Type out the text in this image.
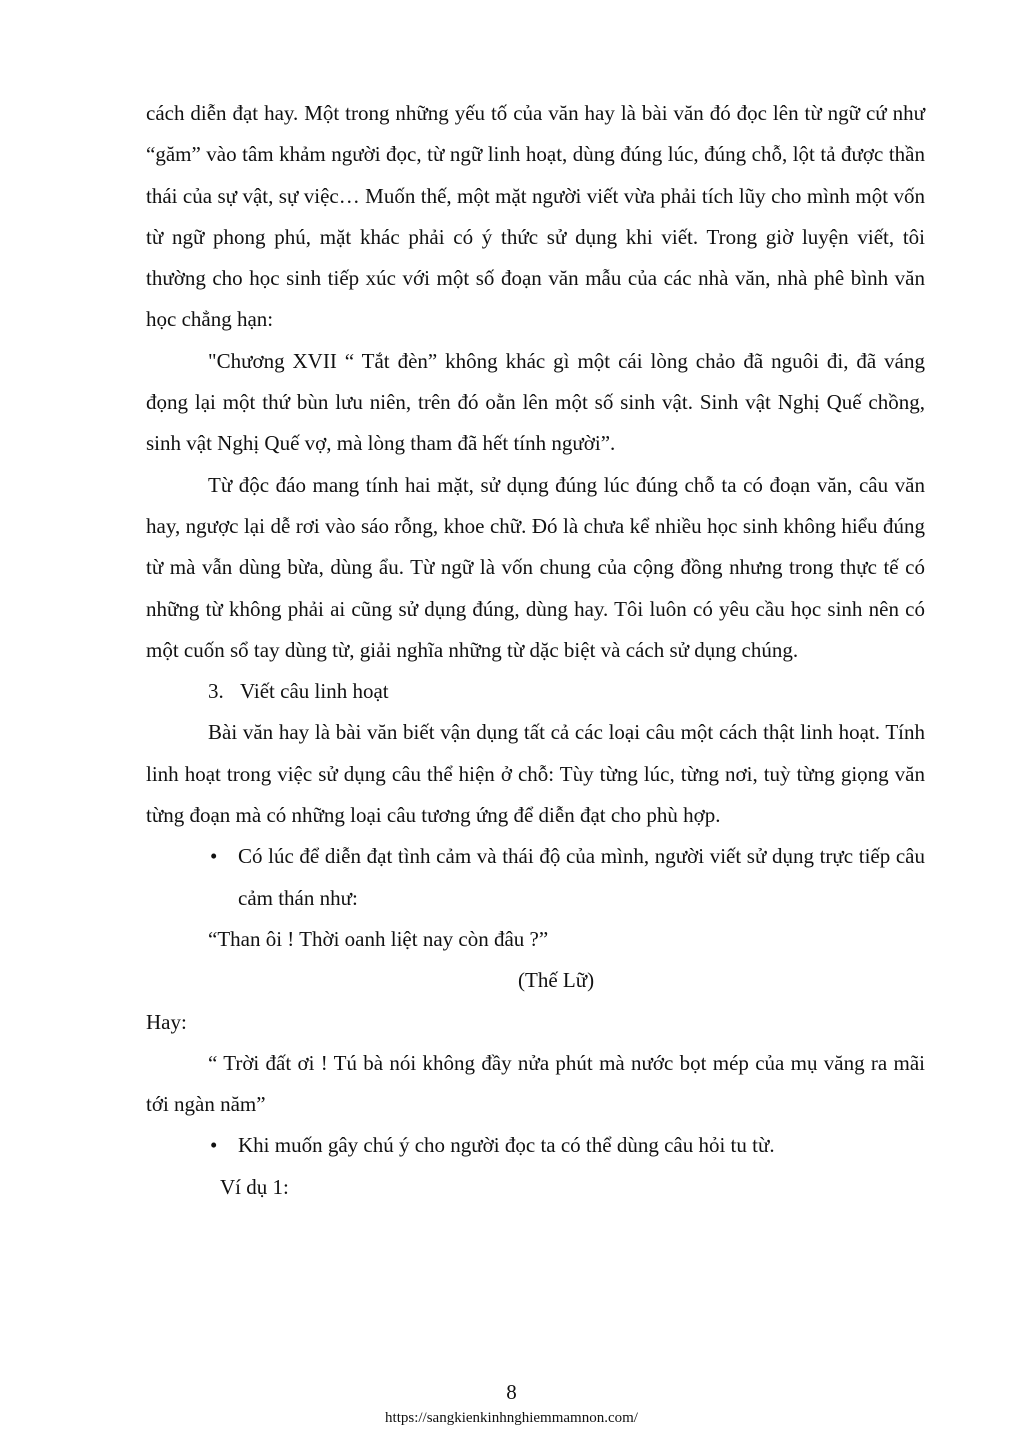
cách diễn đạt hay. Một trong những yếu tố của văn hay là bài văn đó đọc lên từ ngữ cứ như “găm” vào tâm khảm người đọc, từ ngữ linh hoạt, dùng đúng lúc, đúng chỗ, lột tả được thần thái của sự vật, sự việc… Muốn thế, một mặt người viết vừa phải tích lũy cho mình một vốn từ ngữ phong phú, mặt khác phải có ý thức sử dụng khi viết. Trong giờ luyện viết, tôi thường cho học sinh tiếp xúc với một số đoạn văn mẫu của các nhà văn, nhà phê bình văn học chẳng hạn:

"Chương XVII “ Tắt đèn” không khác gì một cái lòng chảo đã nguôi đi, đã váng đọng lại một thứ bùn lưu niên, trên đó oằn lên một số sinh vật. Sinh vật Nghị Quế chồng, sinh vật Nghị Quế vợ, mà lòng tham đã hết tính người”.

Từ độc đáo mang tính hai mặt, sử dụng đúng lúc đúng chỗ ta có đoạn văn, câu văn hay, ngược lại dễ rơi vào sáo rỗng, khoe chữ. Đó là chưa kể nhiều học sinh không hiểu đúng từ mà vẫn dùng bừa, dùng ẩu. Từ ngữ là vốn chung của cộng đồng nhưng trong thực tế có những từ không phải ai cũng sử dụng đúng, dùng hay. Tôi luôn có yêu cầu học sinh nên có một cuốn sổ tay dùng từ, giải nghĩa những từ dặc biệt và cách sử dụng chúng.

3. Viết câu linh hoạt

Bài văn hay là bài văn biết vận dụng tất cả các loại câu một cách thật linh hoạt. Tính linh hoạt trong việc sử dụng câu thể hiện ở chỗ: Tùy từng lúc, từng nơi, tuỳ từng giọng văn từng đoạn mà có những loại câu tương ứng để diễn đạt cho phù hợp.

• Có lúc để diễn đạt tình cảm và thái độ của mình, người viết sử dụng trực tiếp câu cảm thán như:

“Than ôi ! Thời oanh liệt nay còn đâu ?”

(Thế Lữ)

Hay:

“ Trời đất ơi ! Tú bà nói không đầy nửa phút mà nước bọt mép của mụ văng ra mãi tới ngàn năm”

• Khi muốn gây chú ý cho người đọc ta có thể dùng câu hỏi tu từ.

Ví dụ 1:

8
https://sangkienkinhnghiemmamnon.com/
